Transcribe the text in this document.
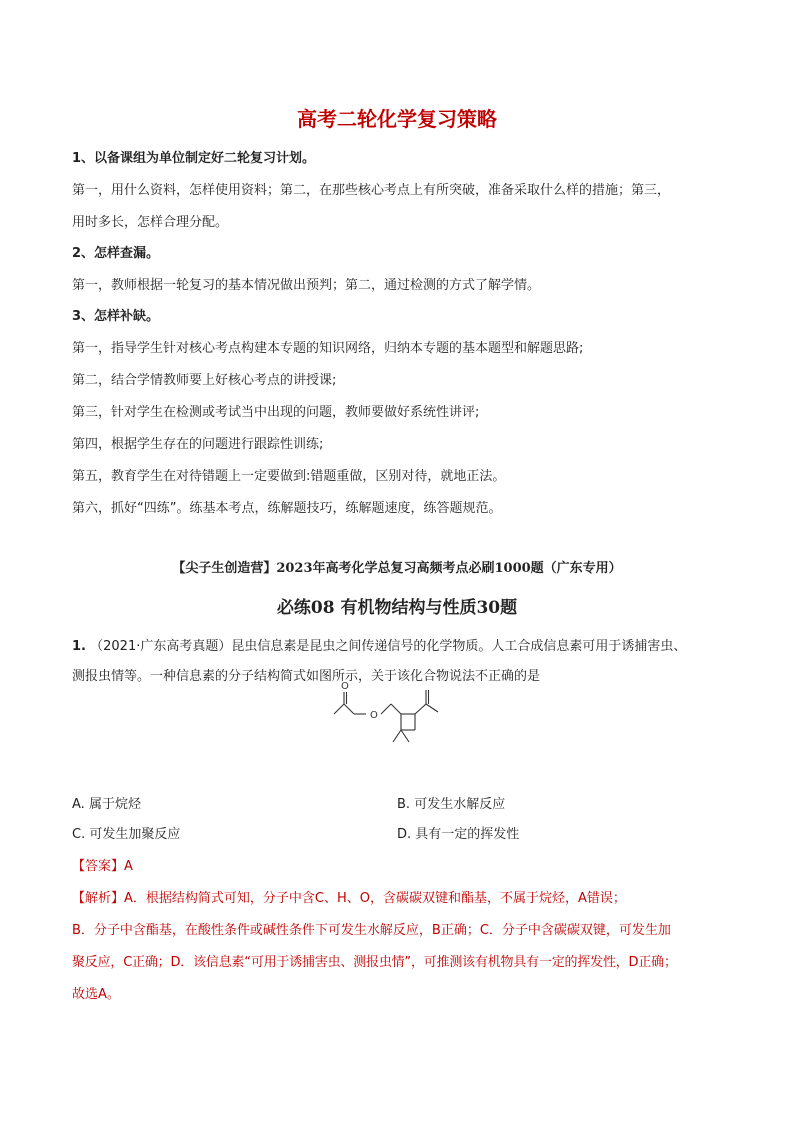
高考二轮化学复习策略
1、以备课组为单位制定好二轮复习计划。
第一，用什么资料，怎样使用资料；第二，在那些核心考点上有所突破，准备采取什么样的措施；第三，
用时多长，怎样合理分配。
2、怎样查漏。
第一，教师根据一轮复习的基本情况做出预判；第二，通过检测的方式了解学情。
3、怎样补缺。
第一，指导学生针对核心考点构建本专题的知识网络，归纳本专题的基本题型和解题思路;
第二，结合学情教师要上好核心考点的讲授课;
第三，针对学生在检测或考试当中出现的问题，教师要做好系统性讲评;
第四，根据学生存在的问题进行跟踪性训练;
第五，教育学生在对待错题上一定要做到:错题重做，区别对待，就地正法。
第六，抓好“四练”。练基本考点，练解题技巧，练解题速度，练答题规范。
【尖子生创造营】2023年高考化学总复习高频考点必刷1000题（广东专用）
必练08 有机物结构与性质30题
1. （2021·广东高考真题）昆虫信息素是昆虫之间传递信号的化学物质。人工合成信息素可用于诱捕害虫、
测报虫情等。一种信息素的分子结构简式如图所示，关于该化合物说法不正确的是
O
O
A. 属于烷烃	B. 可发生水解反应
C. 可发生加聚反应	D. 具有一定的挥发性
【答案】A
【解析】A．根据结构简式可知，分子中含C、H、O，含碳碳双键和酯基，不属于烷烃，A错误；
B．分子中含酯基，在酸性条件或碱性条件下可发生水解反应，B正确；C．分子中含碳碳双键，可发生加
聚反应，C正确；D．该信息素“可用于诱捕害虫、测报虫情”，可推测该有机物具有一定的挥发性，D正确；
故选A。
